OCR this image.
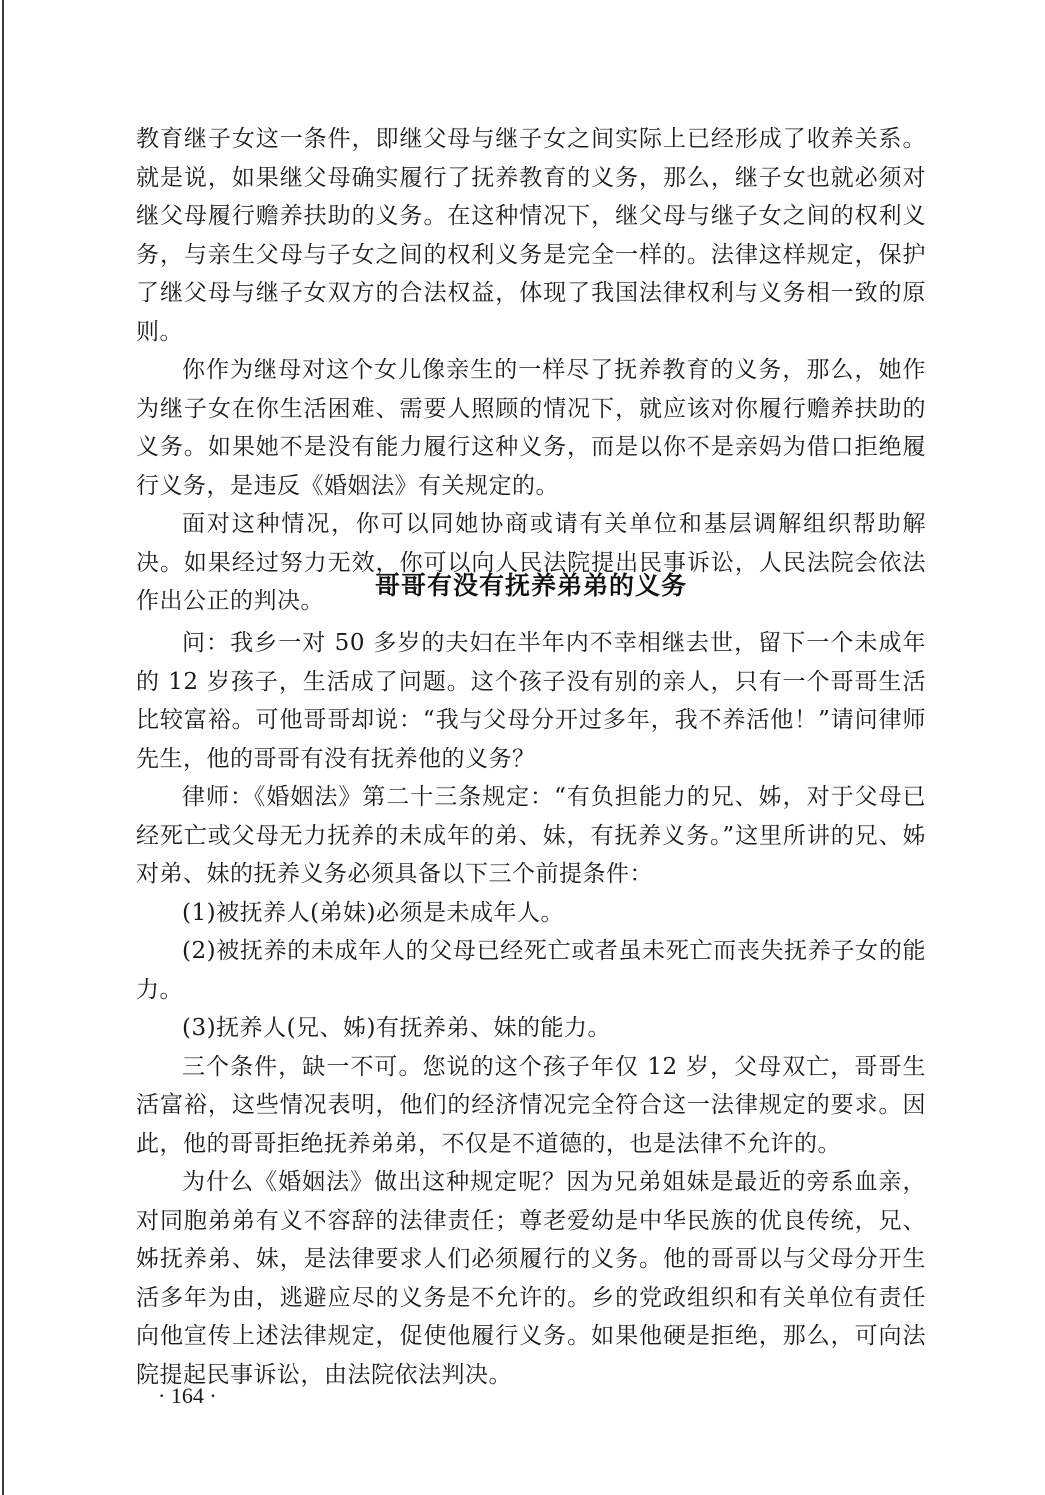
教育继子女这一条件，即继父母与继子女之间实际上已经形成了收养关系。就是说，如果继父母确实履行了抚养教育的义务，那么，继子女也就必须对继父母履行赡养扶助的义务。在这种情况下，继父母与继子女之间的权利义务，与亲生父母与子女之间的权利义务是完全一样的。法律这样规定，保护了继父母与继子女双方的合法权益，体现了我国法律权利与义务相一致的原则。

你作为继母对这个女儿像亲生的一样尽了抚养教育的义务，那么，她作为继子女在你生活困难、需要人照顾的情况下，就应该对你履行赡养扶助的义务。如果她不是没有能力履行这种义务，而是以你不是亲妈为借口拒绝履行义务，是违反《婚姻法》有关规定的。

面对这种情况，你可以同她协商或请有关单位和基层调解组织帮助解决。如果经过努力无效，你可以向人民法院提出民事诉讼，人民法院会依法作出公正的判决。

哥哥有没有抚养弟弟的义务

问：我乡一对 50 多岁的夫妇在半年内不幸相继去世，留下一个未成年的 12 岁孩子，生活成了问题。这个孩子没有别的亲人，只有一个哥哥生活比较富裕。可他哥哥却说：“我与父母分开过多年，我不养活他！”请问律师先生，他的哥哥有没有抚养他的义务？

律师：《婚姻法》第二十三条规定：“有负担能力的兄、姊，对于父母已经死亡或父母无力抚养的未成年的弟、妹，有抚养义务。”这里所讲的兄、姊对弟、妹的抚养义务必须具备以下三个前提条件：

(1)被抚养人(弟妹)必须是未成年人。

(2)被抚养的未成年人的父母已经死亡或者虽未死亡而丧失抚养子女的能力。

(3)抚养人(兄、姊)有抚养弟、妹的能力。

三个条件，缺一不可。您说的这个孩子年仅 12 岁，父母双亡，哥哥生活富裕，这些情况表明，他们的经济情况完全符合这一法律规定的要求。因此，他的哥哥拒绝抚养弟弟，不仅是不道德的，也是法律不允许的。

为什么《婚姻法》做出这种规定呢？因为兄弟姐妹是最近的旁系血亲，对同胞弟弟有义不容辞的法律责任；尊老爱幼是中华民族的优良传统，兄、姊抚养弟、妹，是法律要求人们必须履行的义务。他的哥哥以与父母分开生活多年为由，逃避应尽的义务是不允许的。乡的党政组织和有关单位有责任向他宣传上述法律规定，促使他履行义务。如果他硬是拒绝，那么，可向法院提起民事诉讼，由法院依法判决。

· 164 ·
